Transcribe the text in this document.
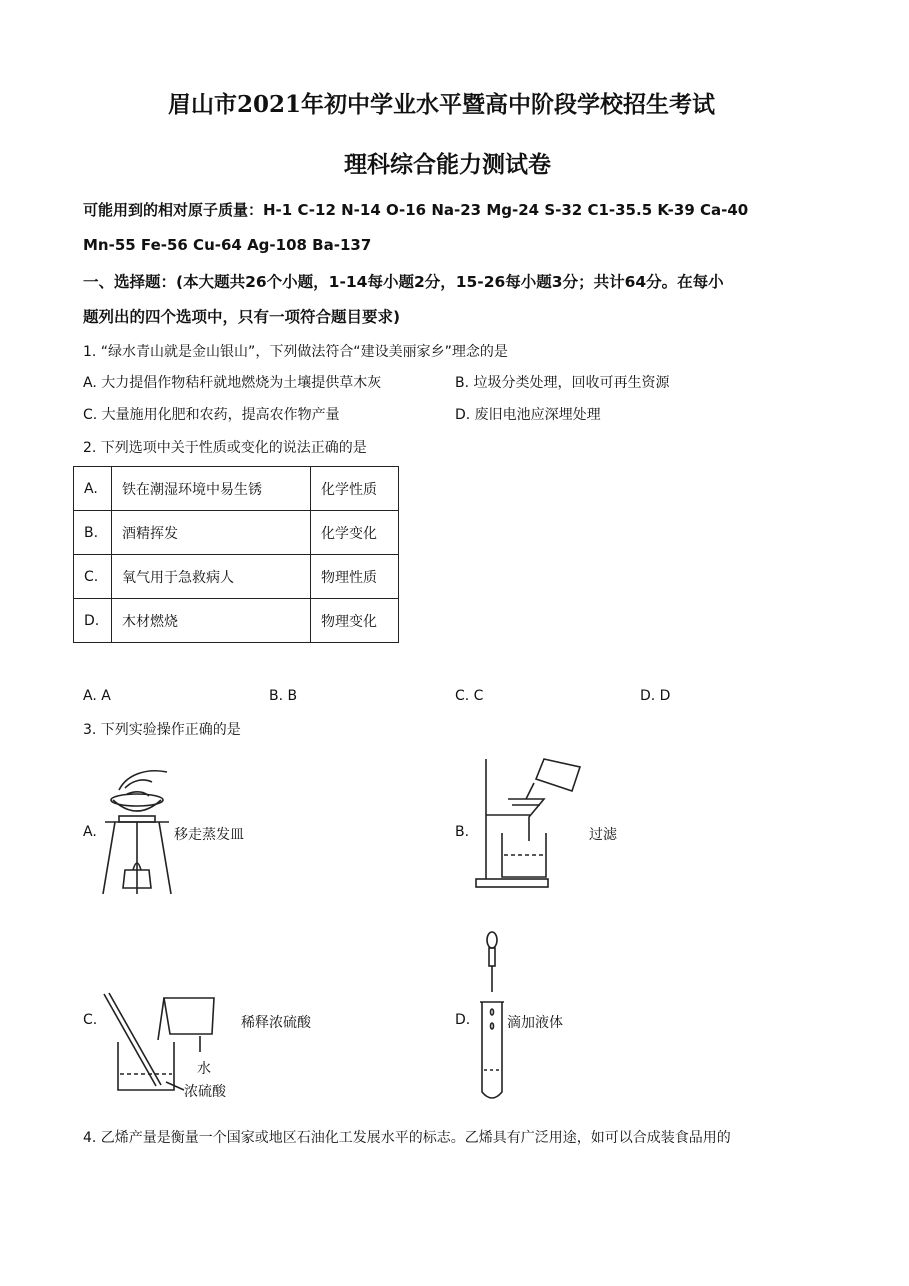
眉山市2021年初中学业水平暨高中阶段学校招生考试
理科综合能力测试卷
可能用到的相对原子质量：H-1 C-12 N-14 O-16 Na-23 Mg-24 S-32 C1-35.5 K-39 Ca-40
Mn-55 Fe-56 Cu-64 Ag-108 Ba-137
一、选择题：(本大题共26个小题，1-14每小题2分，15-26每小题3分；共计64分。在每小
题列出的四个选项中，只有一项符合题目要求)
1. “绿水青山就是金山银山”，下列做法符合“建设美丽家乡”理念的是
A. 大力提倡作物秸秆就地燃烧为土壤提供草木灰	B. 垃圾分类处理，回收可再生资源
C. 大量施用化肥和农药，提高农作物产量	D. 废旧电池应深埋处理
2. 下列选项中关于性质或变化的说法正确的是
A.	铁在潮湿环境中易生锈	化学性质
B.	酒精挥发	化学变化
C.	氧气用于急救病人	物理性质
D.	木材燃烧	物理变化
A. A	B. B	C. C	D. D
3. 下列实验操作正确的是
A.	移走蒸发皿	B.	过滤
C.
水
浓硫酸
稀释浓硫酸	D.	滴加液体
4. 乙烯产量是衡量一个国家或地区石油化工发展水平的标志。乙烯具有广泛用途，如可以合成装食品用的
